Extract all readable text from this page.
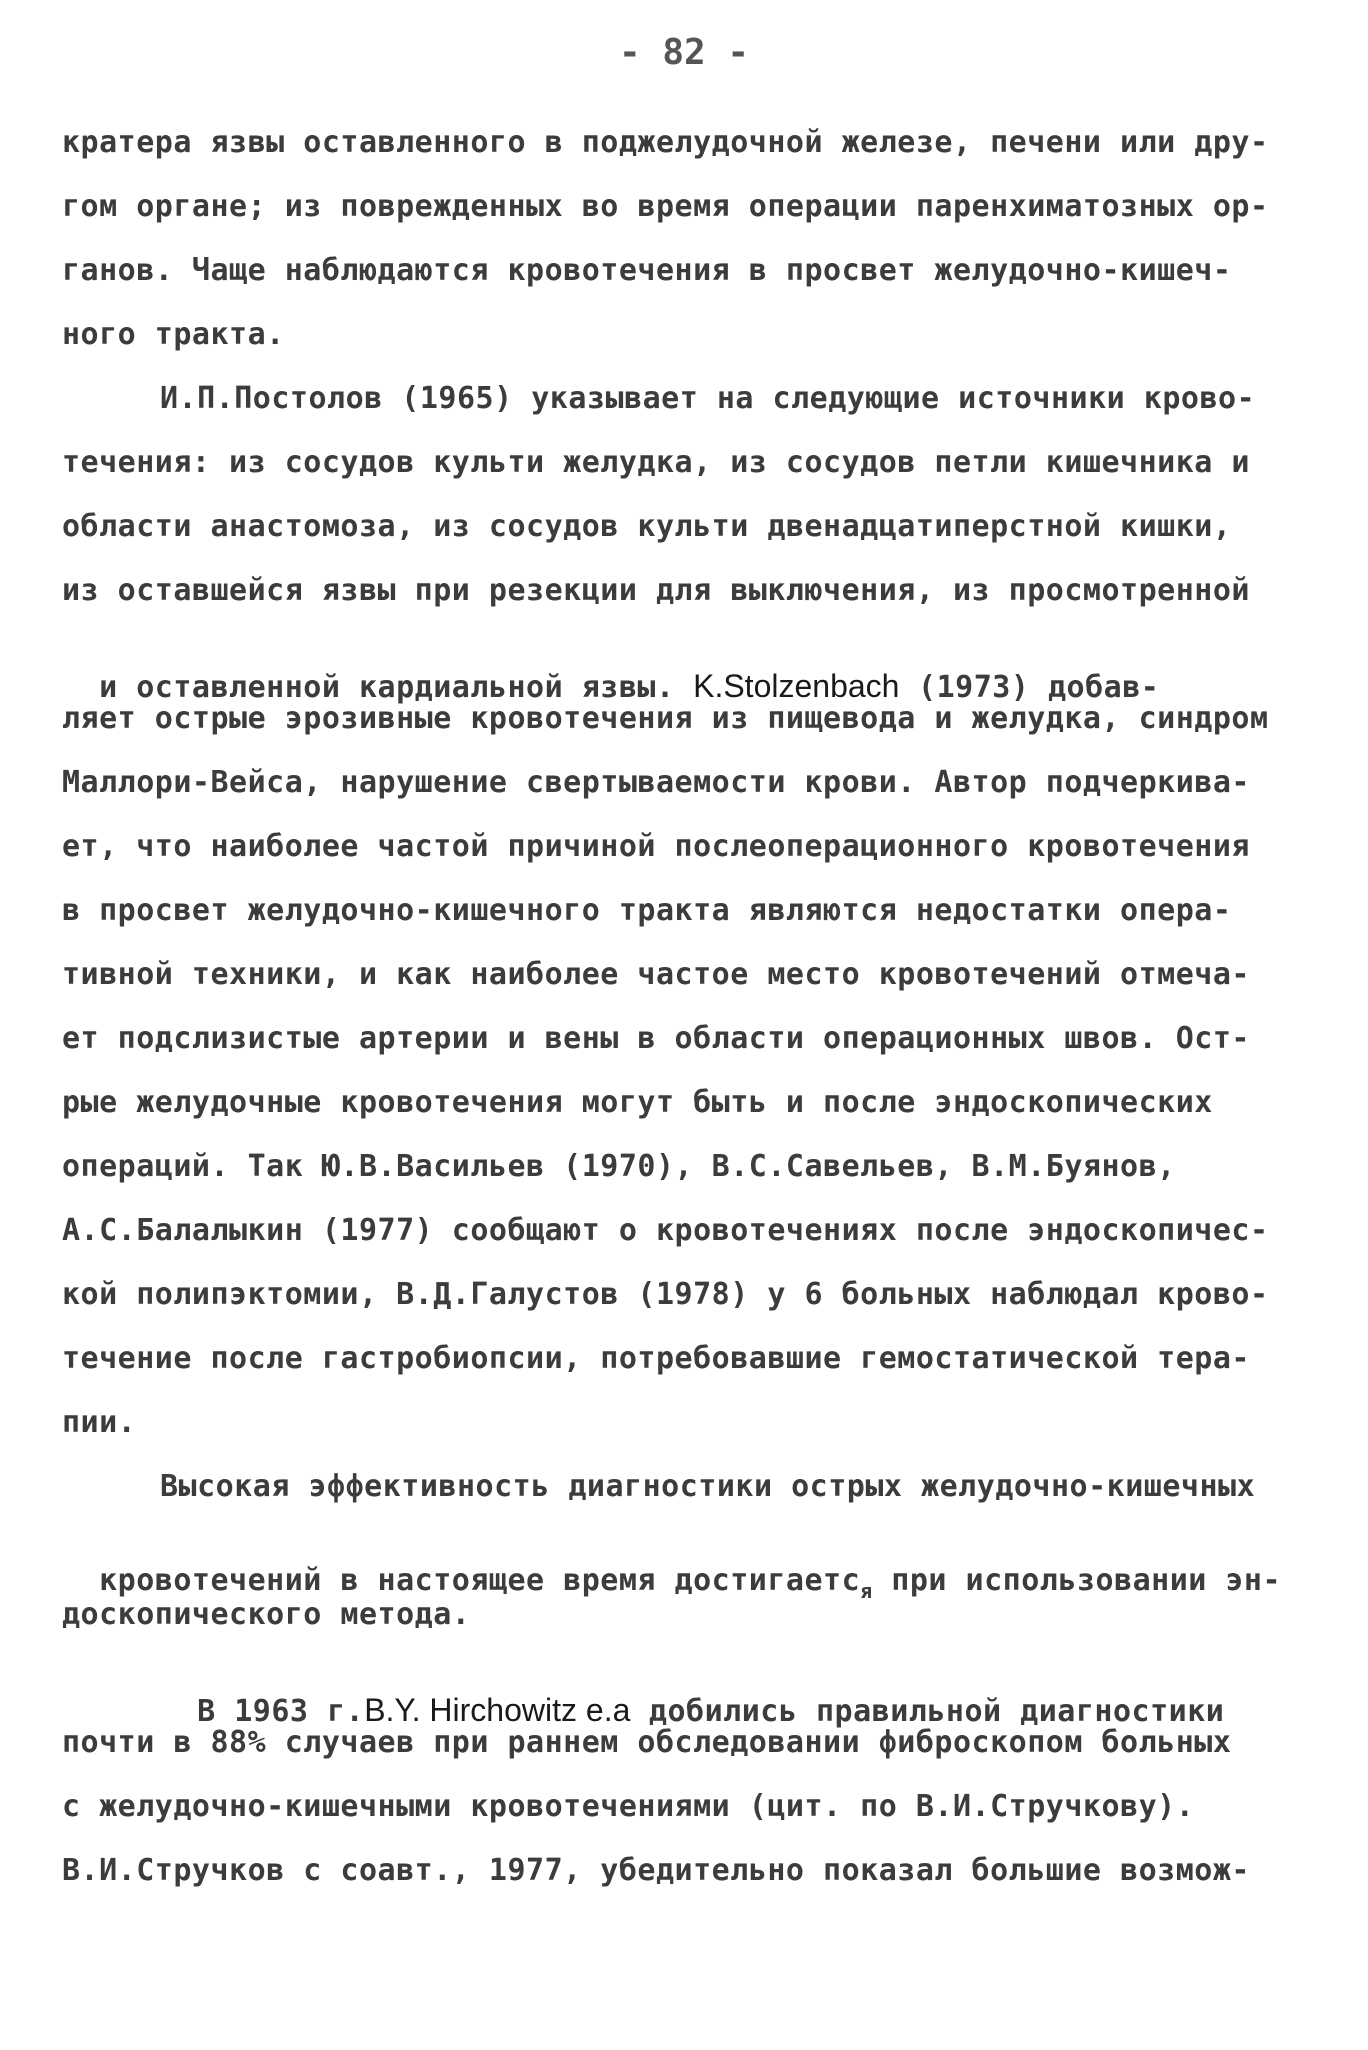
- 82 -
кратера язвы оставленного в поджелудочной железе, печени или дру-
гом органе; из поврежденных во время операции паренхиматозных ор-
ганов. Чаще наблюдаются кровотечения в просвет желудочно-кишеч-
ного тракта.
И.П.Постолов (1965) указывает на следующие источники крово-
течения: из сосудов культи желудка, из сосудов петли кишечника и
области анастомоза, из сосудов культи двенадцатиперстной кишки,
из оставшейся язвы при резекции для выключения, из просмотренной

и оставленной кардиальной язвы. K.Stolzenbach (1973) добав-

ляет острые эрозивные кровотечения из пищевода и желудка, синдром
Маллори-Вейса, нарушение свертываемости крови. Автор подчеркива-
ет, что наиболее частой причиной послеоперационного кровотечения
в просвет желудочно-кишечного тракта являются недостатки опера-
тивной техники, и как наиболее частое место кровотечений отмеча-
ет подслизистые артерии и вены в области операционных швов. Ост-
рые желудочные кровотечения могут быть и после эндоскопических
операций. Так Ю.В.Васильев (1970), В.С.Савельев, В.М.Буянов,
А.С.Балалыкин (1977) сообщают о кровотечениях после эндоскопичес-
кой полипэктомии, В.Д.Галустов (1978) у 6 больных наблюдал крово-
течение после гастробиопсии, потребовавшие гемостатической тера-
пии.
Высокая эффективность диагностики острых желудочно-кишечных

кровотечений в настоящее время достигаетс$_я$ при использовании эн-

доскопического метода.

В 1963 г.B.Y. Hirchowitz e.a добились правильной диагностики

почти в 88% случаев при раннем обследовании фиброскопом больных
с желудочно-кишечными кровотечениями (цит. по В.И.Стручкову).
В.И.Стручков с соавт., 1977, убедительно показал большие возмож-
